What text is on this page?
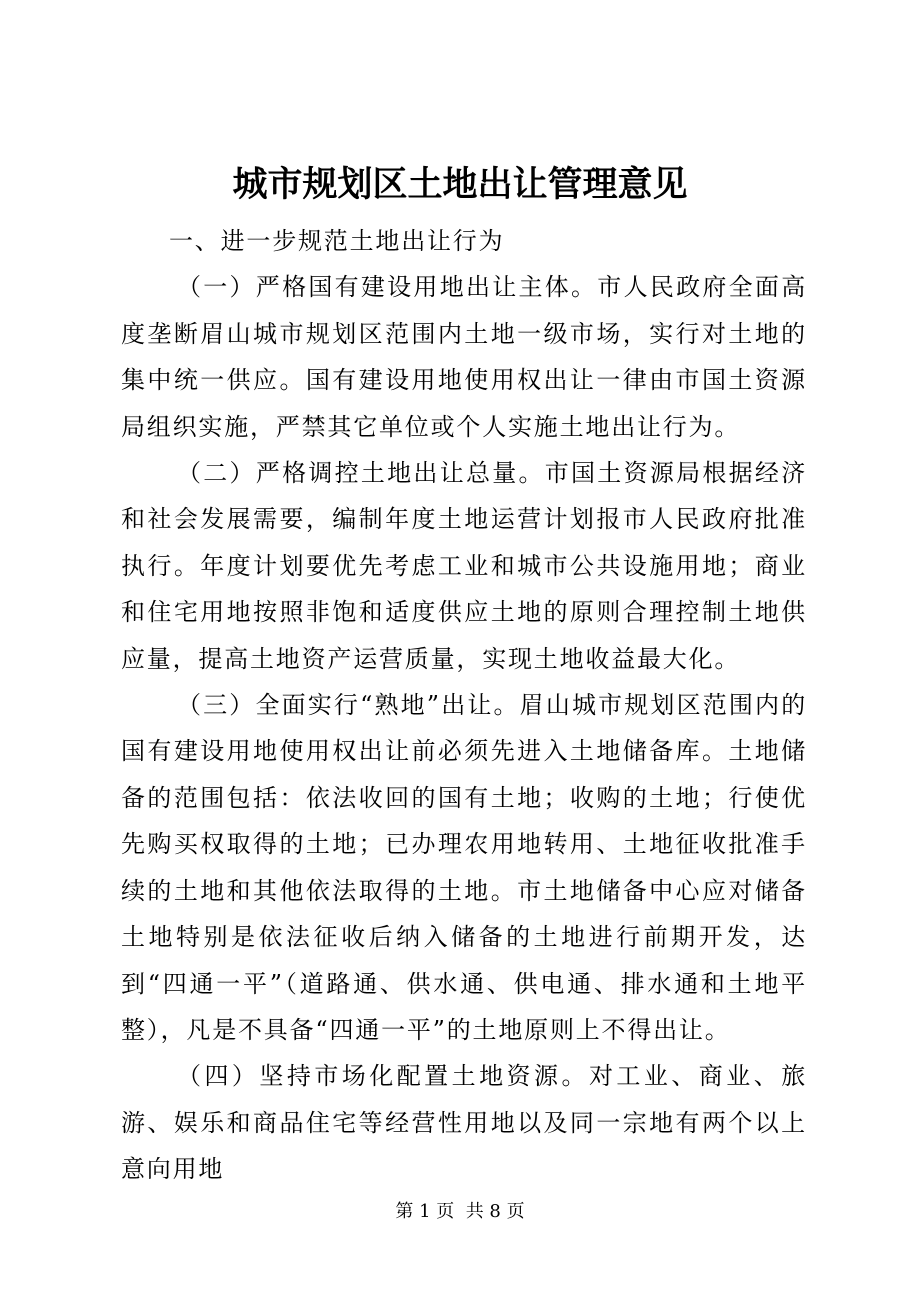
城市规划区土地出让管理意见

一、进一步规范土地出让行为

（一）严格国有建设用地出让主体。市人民政府全面高度垄断眉山城市规划区范围内土地一级市场，实行对土地的集中统一供应。国有建设用地使用权出让一律由市国土资源局组织实施，严禁其它单位或个人实施土地出让行为。

（二）严格调控土地出让总量。市国土资源局根据经济和社会发展需要，编制年度土地运营计划报市人民政府批准执行。年度计划要优先考虑工业和城市公共设施用地；商业和住宅用地按照非饱和适度供应土地的原则合理控制土地供应量，提高土地资产运营质量，实现土地收益最大化。

（三）全面实行“熟地”出让。眉山城市规划区范围内的国有建设用地使用权出让前必须先进入土地储备库。土地储备的范围包括：依法收回的国有土地；收购的土地；行使优先购买权取得的土地；已办理农用地转用、土地征收批准手续的土地和其他依法取得的土地。市土地储备中心应对储备土地特别是依法征收后纳入储备的土地进行前期开发，达到“四通一平”（道路通、供水通、供电通、排水通和土地平整），凡是不具备“四通一平”的土地原则上不得出让。

（四）坚持市场化配置土地资源。对工业、商业、旅游、娱乐和商品住宅等经营性用地以及同一宗地有两个以上意向用地

第 1 页  共 8 页
